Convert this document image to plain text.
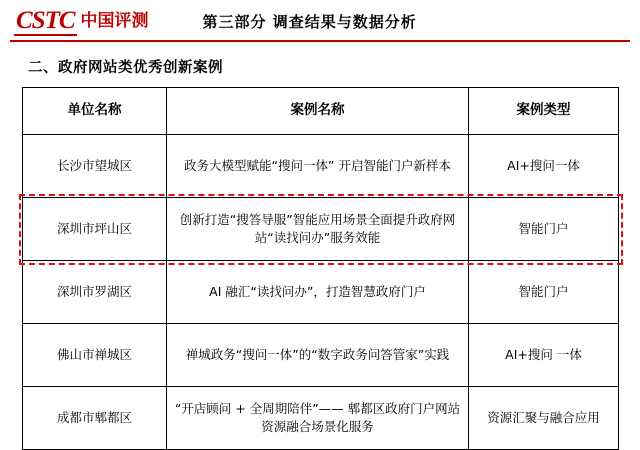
CSTC 中国评测	第三部分 调查结果与数据分析
二、政府网站类优秀创新案例
单位名称	案例名称	案例类型
长沙市望城区	政务大模型赋能“搜问一体” 开启智能门户新样本	AI+搜问一体
深圳市坪山区	创新打造“搜答导服”智能应用场景全面提升政府网站“读找问办”服务效能	智能门户
深圳市罗湖区	AI 融汇“读找问办”，打造智慧政府门户	智能门户
佛山市禅城区	禅城政务“搜问一体”的“数字政务问答管家”实践	AI+搜问 一体
成都市郫都区	“开店顾问 + 全周期陪伴”—— 郫都区政府门户网站资源融合场景化服务	资源汇聚与融合应用
